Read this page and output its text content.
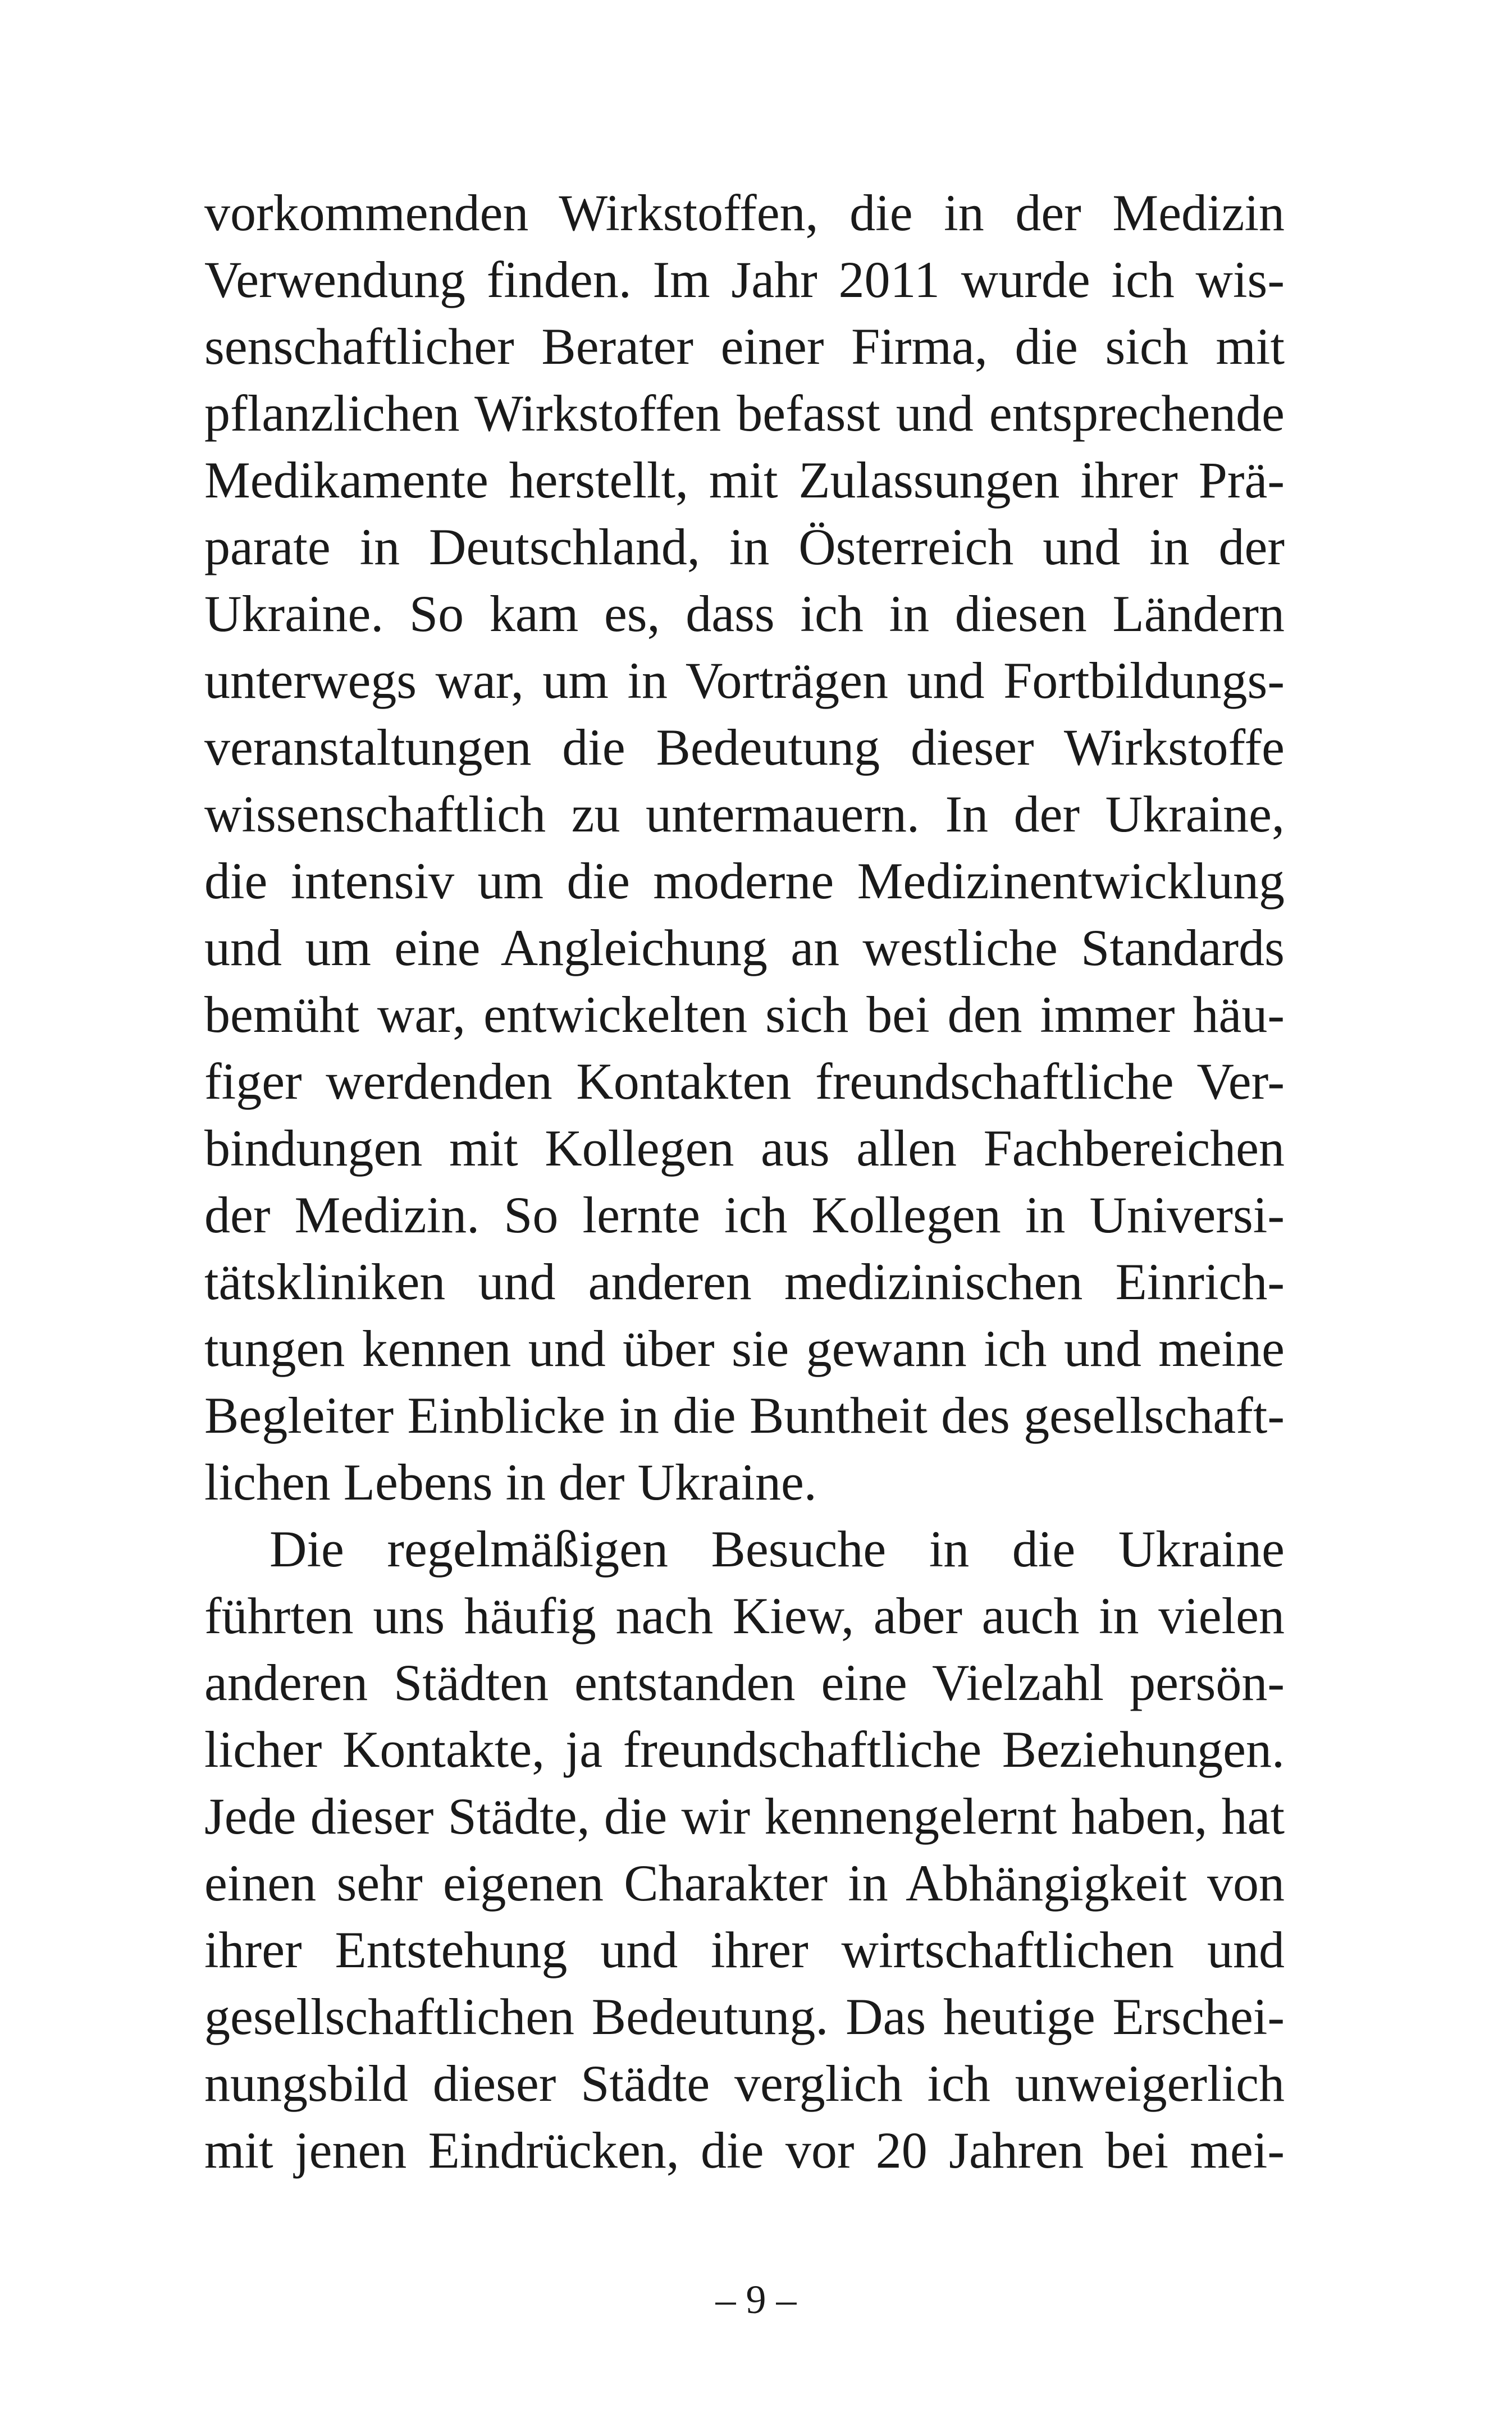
vorkommenden Wirkstoffen, die in der Medizin
Verwendung finden. Im Jahr 2011 wurde ich wis-
senschaftlicher Berater einer Firma, die sich mit
pflanzlichen Wirkstoffen befasst und entsprechende
Medikamente herstellt, mit Zulassungen ihrer Prä-
parate in Deutschland, in Österreich und in der
Ukraine. So kam es, dass ich in diesen Ländern
unterwegs war, um in Vorträgen und Fortbildungs-
veranstaltungen die Bedeutung dieser Wirkstoffe
wissenschaftlich zu untermauern. In der Ukraine,
die intensiv um die moderne Medizinentwicklung
und um eine Angleichung an westliche Standards
bemüht war, entwickelten sich bei den immer häu-
figer werdenden Kontakten freundschaftliche Ver-
bindungen mit Kollegen aus allen Fachbereichen
der Medizin. So lernte ich Kollegen in Universi-
tätskliniken und anderen medizinischen Einrich-
tungen kennen und über sie gewann ich und meine
Begleiter Einblicke in die Buntheit des gesellschaft-
lichen Lebens in der Ukraine.
Die regelmäßigen Besuche in die Ukraine
führten uns häufig nach Kiew, aber auch in vielen
anderen Städten entstanden eine Vielzahl persön-
licher Kontakte, ja freundschaftliche Beziehungen.
Jede dieser Städte, die wir kennengelernt haben, hat
einen sehr eigenen Charakter in Abhängigkeit von
ihrer Entstehung und ihrer wirtschaftlichen und
gesellschaftlichen Bedeutung. Das heutige Erschei-
nungsbild dieser Städte verglich ich unweigerlich
mit jenen Eindrücken, die vor 20 Jahren bei mei-
– 9 –
